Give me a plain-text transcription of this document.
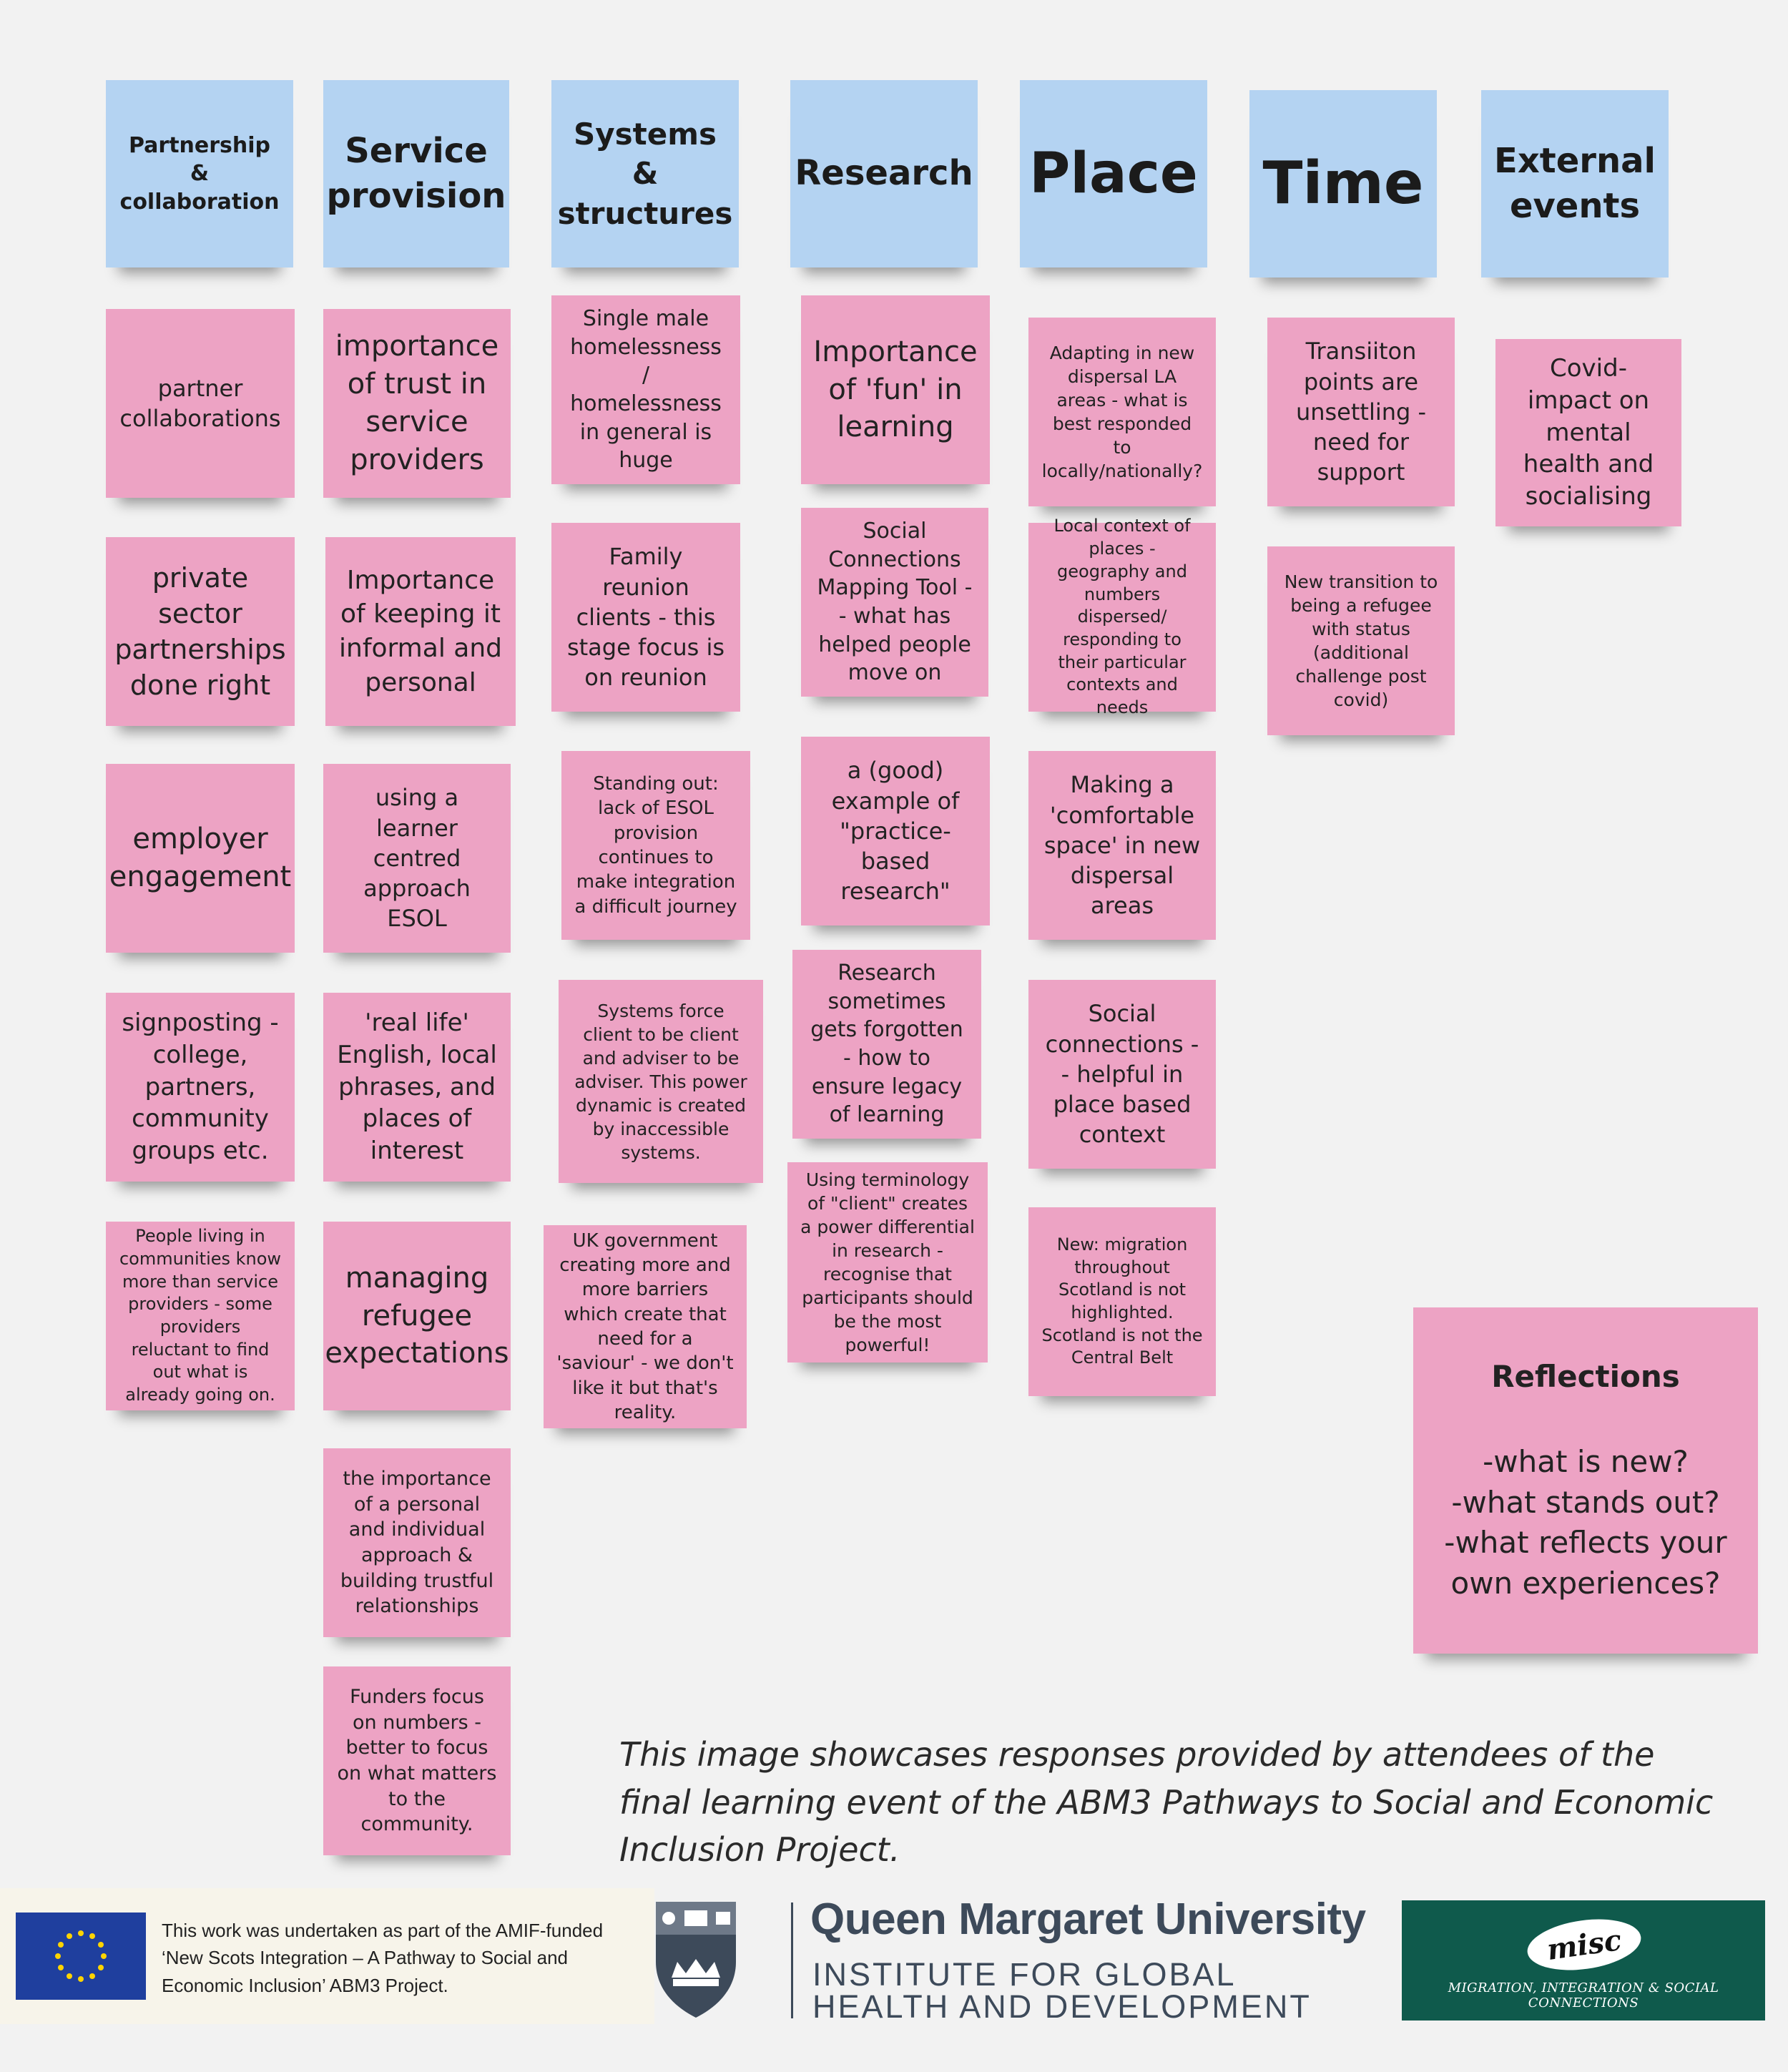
Partnership & collaboration
Service provision
Systems & structures
Research Place Time	External events
partner collaborations
private sector partnerships done right
employer engagement
signposting - college, partners, community groups etc.
People living in communities know more than service providers - some providers reluctant to find out what is already going on.
importance of trust in service providers
Importance of keeping it informal and personal
using a learner centred approach ESOL
'real life' English, local phrases, and places of interest
managing refugee expectations
the importance of a personal and individual approach & building trustful relationships
Funders focus on numbers - better to focus on what matters to the community.
Single male homelessness / homelessness in general is huge
Family reunion clients - this stage focus is on reunion
Standing out: lack of ESOL provision continues to make integration a difficult journey
Systems force client to be client and adviser to be adviser. This power dynamic is created by inaccessible systems.
UK government creating more and more barriers which create that need for a 'saviour' - we don't like it but that's reality.
Importance of 'fun' in learning
Social Connections Mapping Tool -- what has helped people move on
a (good) example of "practice-based research"
Research sometimes gets forgotten - how to ensure legacy of learning
Using terminology of "client" creates a power differential in research - recognise that participants should be the most powerful!
Adapting in new dispersal LA areas - what is best responded to locally/nationally?
Local context of places - geography and numbers dispersed/ responding to their particular contexts and needs
Making a 'comfortable space' in new dispersal areas
Social connections -- helpful in place based context
New: migration throughout Scotland is not highlighted. Scotland is not the Central Belt
Transiiton points are unsettling - need for support
New transition to being a refugee with status (additional challenge post covid)
Covid- impact on mental health and socialising
Reflections
-what is new?
-what stands out?
-what reflects your own experiences?
This image showcases responses provided by attendees of the final learning event of the ABM3 Pathways to Social and Economic Inclusion Project.
This work was undertaken as part of the AMIF-funded ‘New Scots Integration – A Pathway to Social and Economic Inclusion’ ABM3 Project.
Queen Margaret University
INSTITUTE FOR GLOBAL HEALTH AND DEVELOPMENT
misc
MIGRATION, INTEGRATION & SOCIAL CONNECTIONS
